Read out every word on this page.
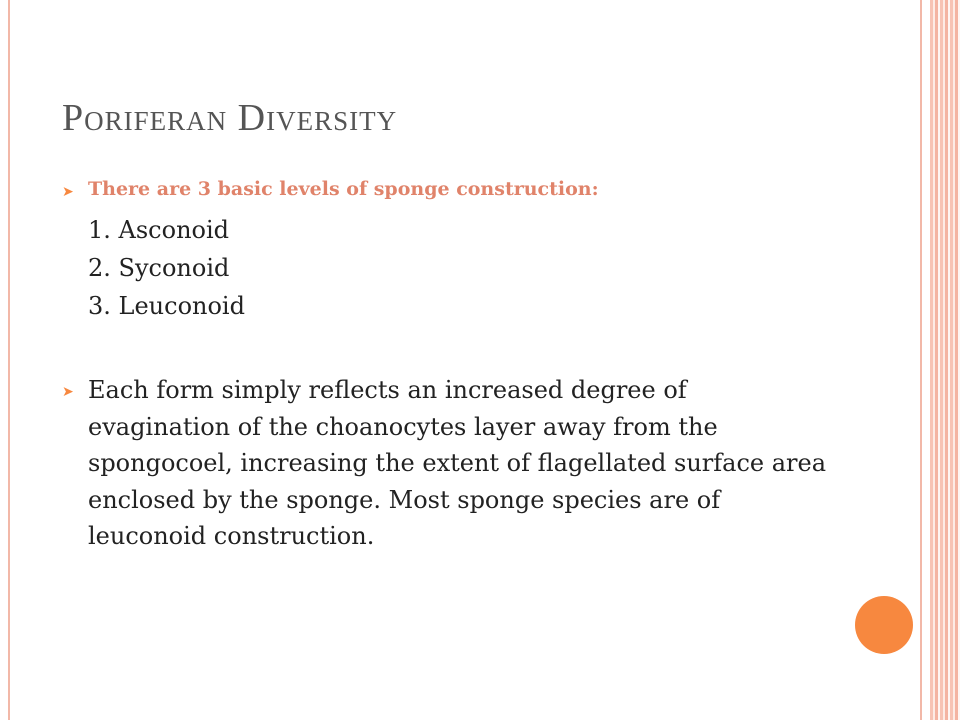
Poriferan Diversity
➤ There are 3 basic levels of sponge construction:
1. Asconoid
2. Syconoid
3. Leuconoid
➤ Each form simply reflects an increased degree of evagination of the choanocytes layer away from the spongocoel, increasing the extent of flagellated surface area enclosed by the sponge. Most sponge species are of leuconoid construction.
